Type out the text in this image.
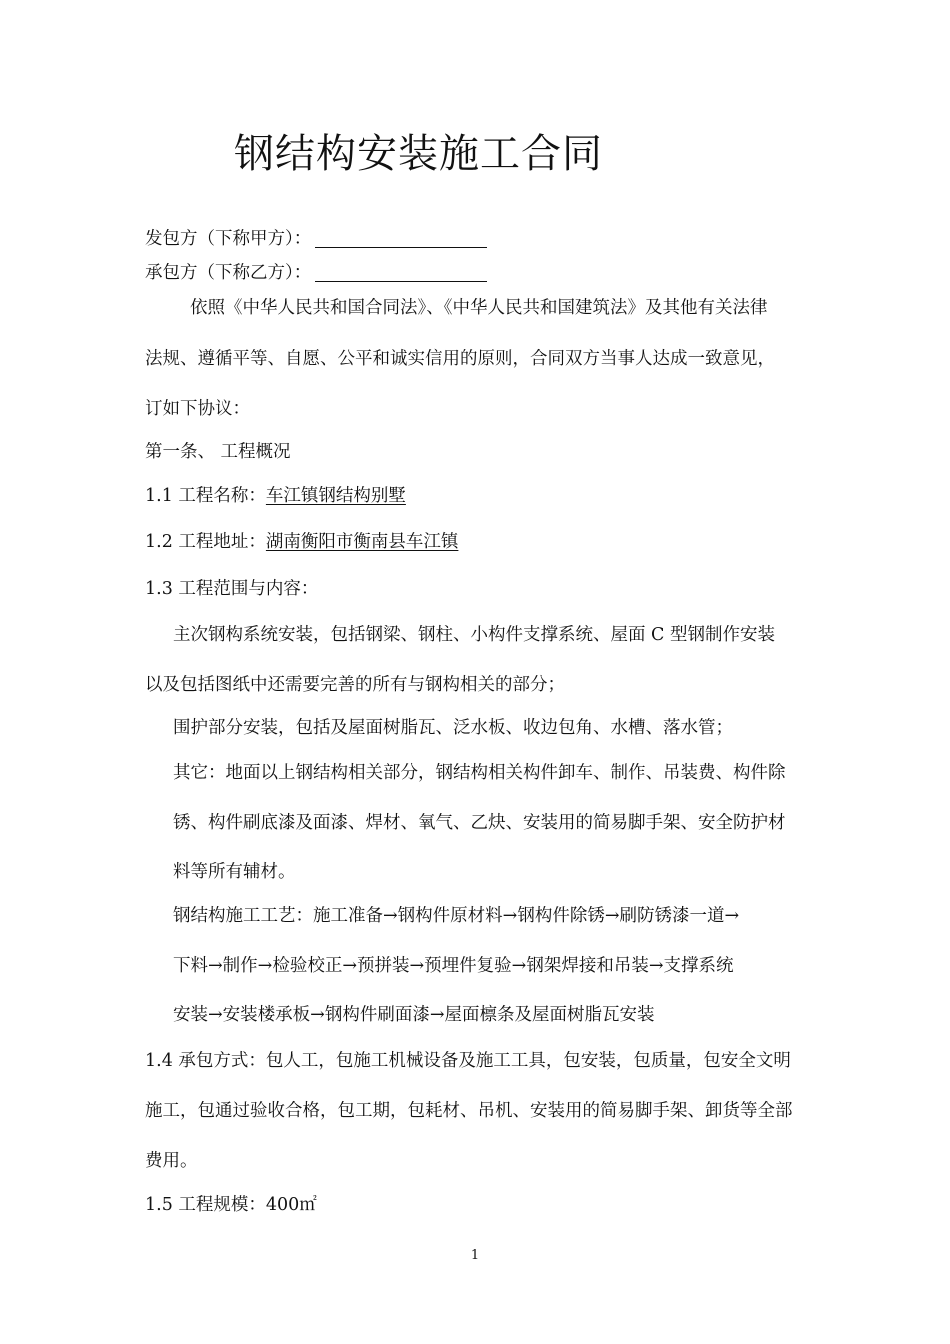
钢结构安装施工合同
发包方（下称甲方）：
承包方（下称乙方）：
依照《中华人民共和国合同法》、《中华人民共和国建筑法》及其他有关法律
法规、遵循平等、自愿、公平和诚实信用的原则，合同双方当事人达成一致意见，
订如下协议：
第一条、 工程概况
1.1 工程名称：车江镇钢结构别墅
1.2 工程地址：湖南衡阳市衡南县车江镇
1.3 工程范围与内容：
主次钢构系统安装，包括钢梁、钢柱、小构件支撑系统、屋面 C 型钢制作安装
以及包括图纸中还需要完善的所有与钢构相关的部分；
围护部分安装，包括及屋面树脂瓦、泛水板、收边包角、水槽、落水管；
其它：地面以上钢结构相关部分，钢结构相关构件卸车、制作、吊装费、构件除
锈、构件刷底漆及面漆、焊材、氧气、乙炔、安装用的简易脚手架、安全防护材
料等所有辅材。
钢结构施工工艺：施工准备→钢构件原材料→钢构件除锈→刷防锈漆一道→
下料→制作→检验校正→预拼装→预埋件复验→钢架焊接和吊装→支撑系统
安装→安装楼承板→钢构件刷面漆→屋面檩条及屋面树脂瓦安装
1.4 承包方式：包人工，包施工机械设备及施工工具，包安装，包质量，包安全文明
施工，包通过验收合格，包工期，包耗材、吊机、安装用的简易脚手架、卸货等全部
费用。
1.5 工程规模：400㎡
1
